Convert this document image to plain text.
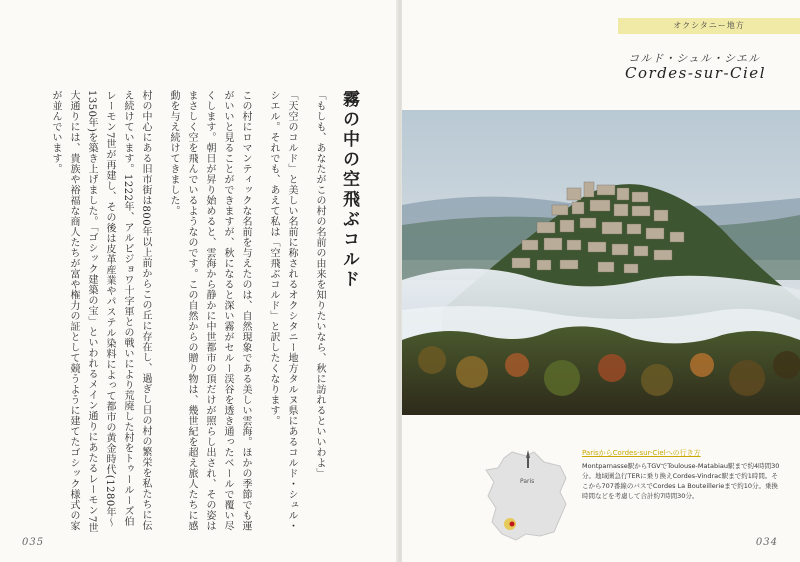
霧の中の空飛ぶコルド

「もしも、あなたがこの村の名前の由来を知りたいなら、秋に訪れるといいわよ」

「天空のコルド」と美しい名前に称されるオクシタニー地方タルヌ県にあるコルド・シュル・シエル。それでも、あえて私は「空飛ぶコルド」と訳したくなります。

この村にロマンティックな名前を与えたのは、自然現象である美しい雲海。ほかの季節でも運がいいと見ることができますが、秋になると深い霧がセルー渓谷を透き通ったベールで覆い尽くします。朝日が昇り始めると、雲海から静かに中世都市の頂だけが照らし出され、その姿はまさしく空を飛んでいるようなのです。この自然からの贈り物は、幾世紀を超え旅人たちに感動を与え続けてきました。

村の中心にある旧市街は800年以上前からこの丘に存在し、過ぎし日の村の繁栄を私たちに伝え続けています。1222年、アルビジョワ十字軍との戦いにより荒廃した村をトゥールーズ伯レーモン7世が再建し、その後は皮革産業やパステル染料によって都市の黄金時代(1280年〜1350年)を築き上げました。「ゴシック建築の宝」といわれるメイン通りにあたるレーモン7世大通りには、貴族や裕福な商人たちが富や権力の証として競うように建てたゴシック様式の家が並んでいます。

035
オクシタニー地方
コルド・シュル・シエル
Cordes-sur-Ciel
Paris
ParisからCordes-sur-Cielへの行き方
Montparnasse駅からTGVでToulouse-Matabiau駅まで約4時間30分。地域圏急行TERに乗り換えCordes-Vindrac駅まで約1時間。そこから707番線のバスでCordes La Bouteillerieまで約10分。乗換時間などを考慮して合計約7時間30分。
034
